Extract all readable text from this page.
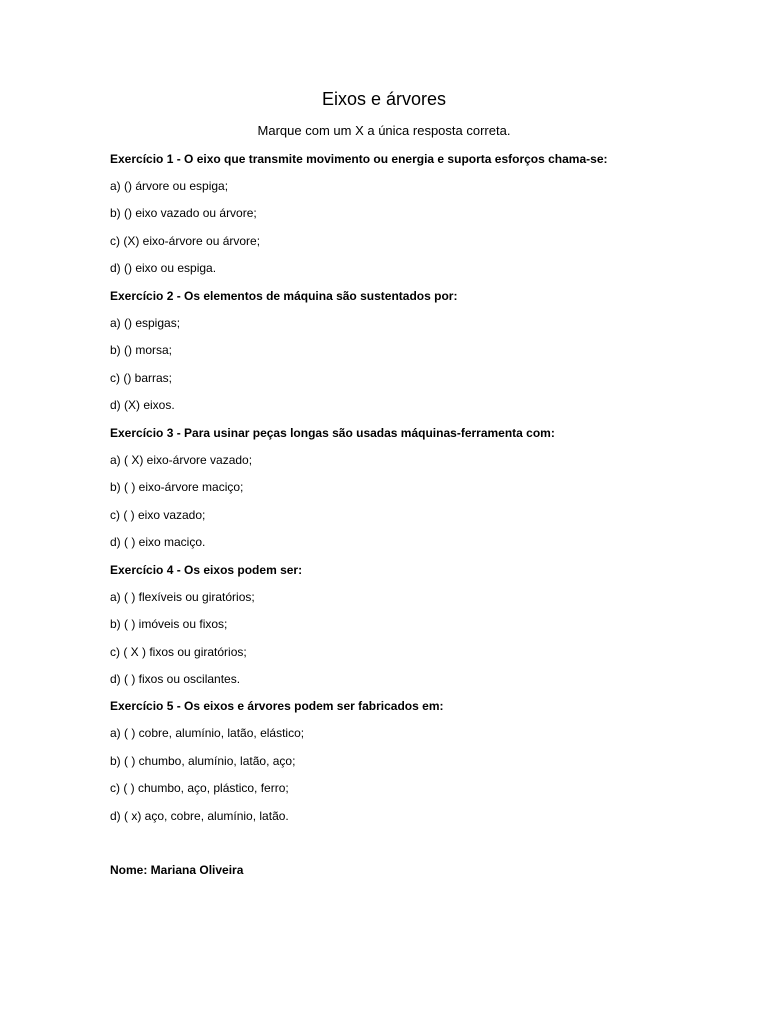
Eixos e árvores
Marque com um X a única resposta correta.
Exercício 1 - O eixo que transmite movimento ou energia e suporta esforços chama-se:
a) () árvore ou espiga;
b) () eixo vazado ou árvore;
c) (X) eixo-árvore ou árvore;
d) () eixo ou espiga.
Exercício 2 - Os elementos de máquina são sustentados por:
a) () espigas;
b) () morsa;
c) () barras;
d) (X) eixos.
Exercício 3 - Para usinar peças longas são usadas máquinas-ferramenta com:
a) ( X) eixo-árvore vazado;
b) ( ) eixo-árvore maciço;
c) ( ) eixo vazado;
d) ( ) eixo maciço.
Exercício 4 - Os eixos podem ser:
a) ( ) flexíveis ou giratórios;
b) ( ) imóveis ou fixos;
c) ( X ) fixos ou giratórios;
d) ( ) fixos ou oscilantes.
Exercício 5 - Os eixos e árvores podem ser fabricados em:
a) ( ) cobre, alumínio, latão, elástico;
b) ( ) chumbo, alumínio, latão, aço;
c) ( ) chumbo, aço, plástico, ferro;
d) ( x) aço, cobre, alumínio, latão.
Nome: Mariana Oliveira
